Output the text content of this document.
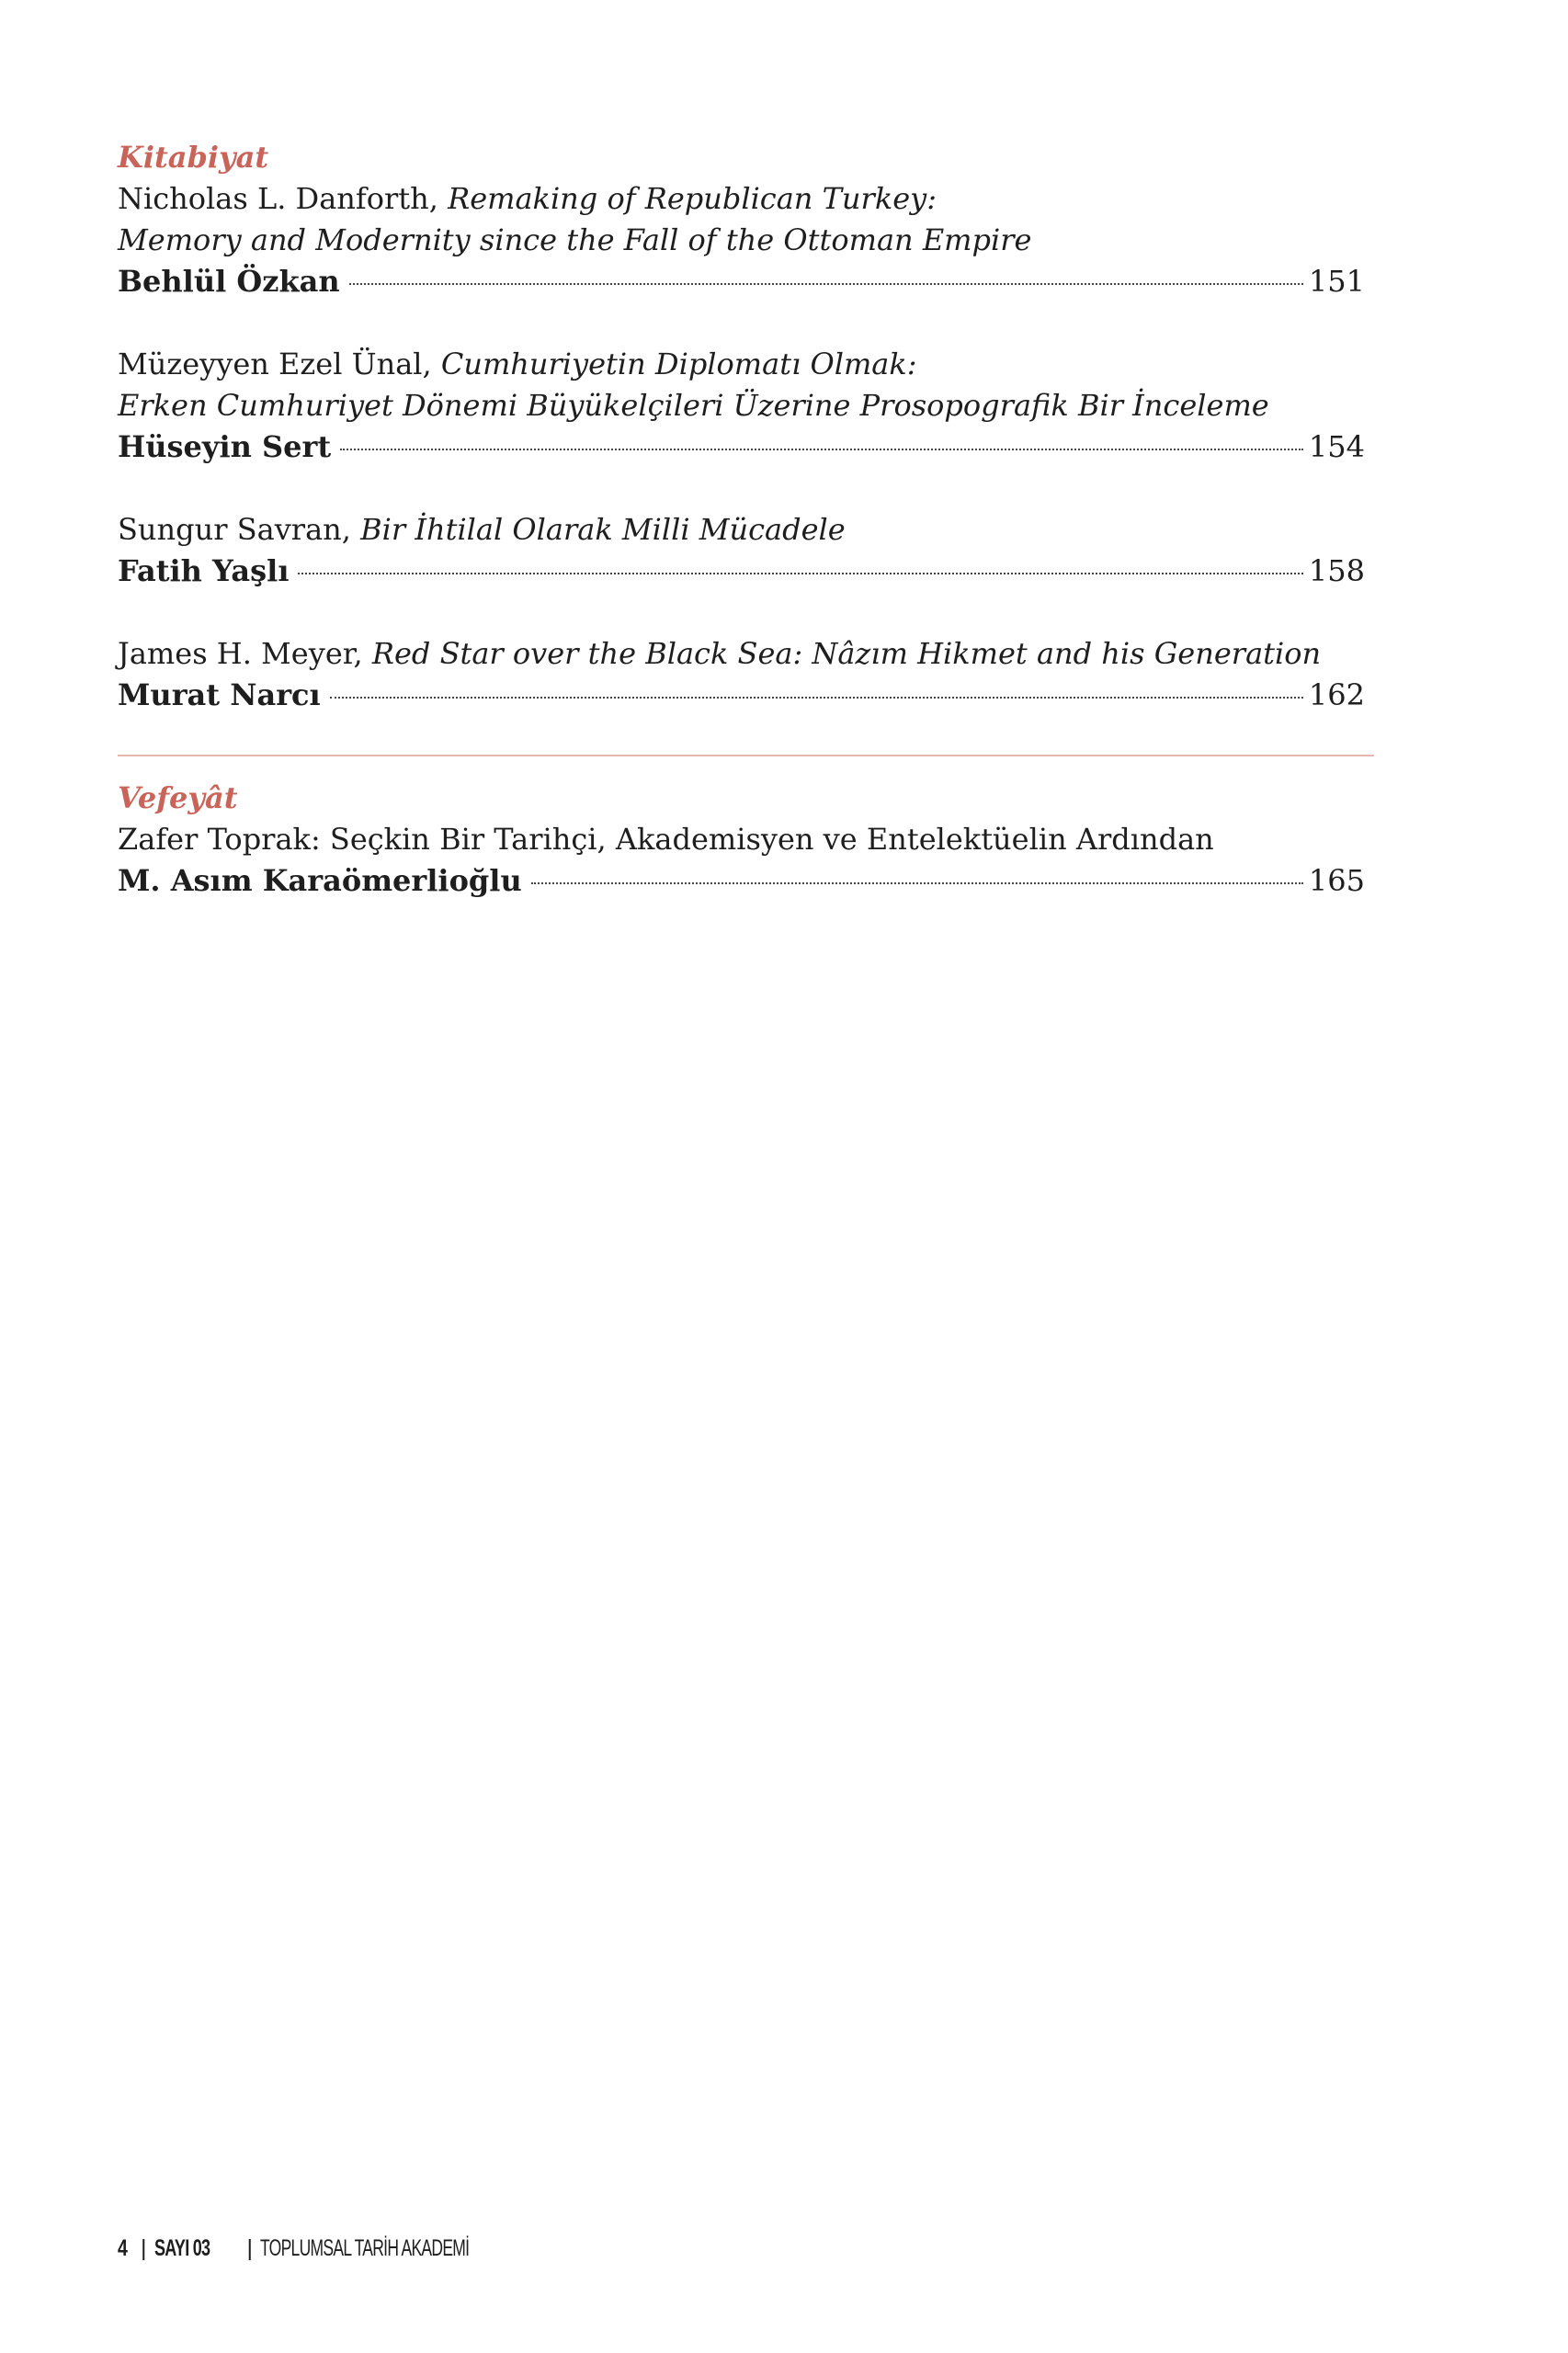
Kitabiyat
Nicholas L. Danforth, Remaking of Republican Turkey:
Memory and Modernity since the Fall of the Ottoman Empire
Behlül Özkan	151
Müzeyyen Ezel Ünal, Cumhuriyetin Diplomatı Olmak:
Erken Cumhuriyet Dönemi Büyükelçileri Üzerine Prosopografik Bir İnceleme
Hüseyin Sert	154
Sungur Savran, Bir İhtilal Olarak Milli Mücadele
Fatih Yaşlı	158
James H. Meyer, Red Star over the Black Sea: Nâzım Hikmet and his Generation
Murat Narcı	162
Vefeyât
Zafer Toprak: Seçkin Bir Tarihçi, Akademisyen ve Entelektüelin Ardından
M. Asım Karaömerlioğlu	165
4 | SAYI 03 | TOPLUMSAL TARİH AKADEMİ
